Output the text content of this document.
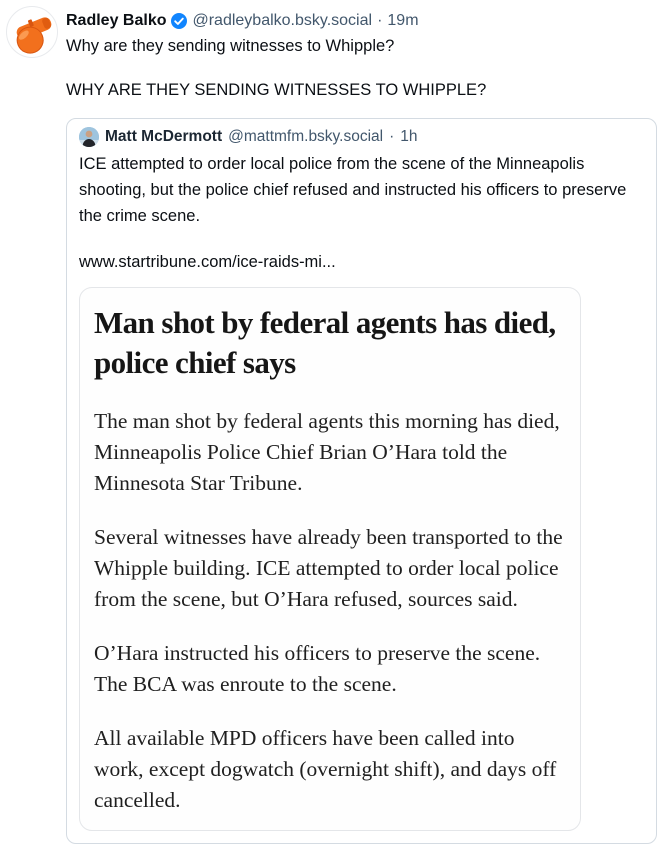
Radley Balko @radleybalko.bsky.social · 19m
Why are they sending witnesses to Whipple?
WHY ARE THEY SENDING WITNESSES TO WHIPPLE?
Matt McDermott @mattmfm.bsky.social · 1h
ICE attempted to order local police from the scene of the Minneapolis shooting, but the police chief refused and instructed his officers to preserve the crime scene.
www.startribune.com/ice-raids-mi...
Man shot by federal agents has died, police chief says
The man shot by federal agents this morning has died, Minneapolis Police Chief Brian O’Hara told the Minnesota Star Tribune.
Several witnesses have already been transported to the Whipple building. ICE attempted to order local police from the scene, but O’Hara refused, sources said.
O’Hara instructed his officers to preserve the scene. The BCA was enroute to the scene.
All available MPD officers have been called into work, except dogwatch (overnight shift), and days off cancelled.
